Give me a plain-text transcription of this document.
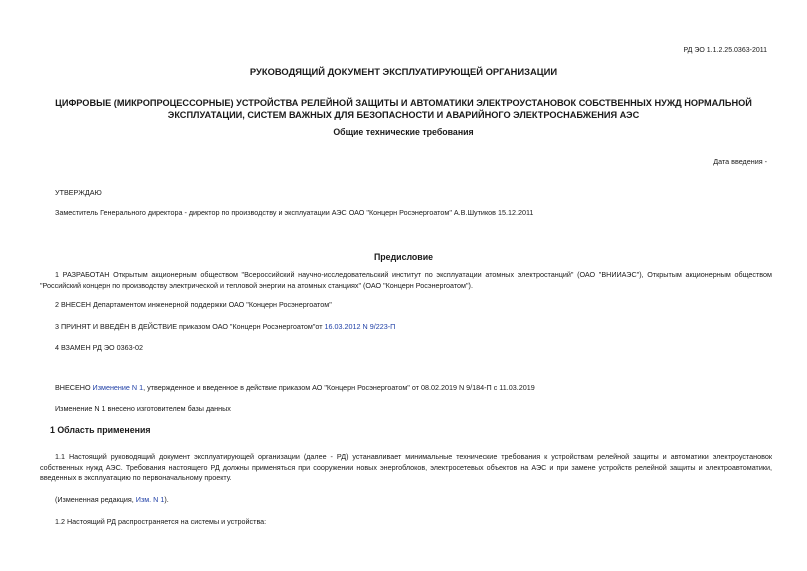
РД ЭО 1.1.2.25.0363-2011
РУКОВОДЯЩИЙ ДОКУМЕНТ ЭКСПЛУАТИРУЮЩЕЙ ОРГАНИЗАЦИИ
ЦИФРОВЫЕ (МИКРОПРОЦЕССОРНЫЕ) УСТРОЙСТВА РЕЛЕЙНОЙ ЗАЩИТЫ И АВТОМАТИКИ ЭЛЕКТРОУСТАНОВОК СОБСТВЕННЫХ НУЖД НОРМАЛЬНОЙ ЭКСПЛУАТАЦИИ, СИСТЕМ ВАЖНЫХ ДЛЯ БЕЗОПАСНОСТИ И АВАРИЙНОГО ЭЛЕКТРОСНАБЖЕНИЯ АЭС
Общие технические требования
Дата введения -
УТВЕРЖДАЮ
Заместитель Генерального директора - директор по производству и эксплуатации АЭС ОАО "Концерн Росэнергоатом" А.В.Шутиков 15.12.2011
Предисловие
1 РАЗРАБОТАН Открытым акционерным обществом "Всероссийский научно-исследовательский институт по эксплуатации атомных электростанций" (ОАО "ВНИИАЭС"), Открытым акционерным обществом "Российский концерн по производству электрической и тепловой энергии на атомных станциях" (ОАО "Концерн Росэнергоатом").
2 ВНЕСЕН Департаментом инженерной поддержки ОАО "Концерн Росэнергоатом"
3 ПРИНЯТ И ВВЕДЁН В ДЕЙСТВИЕ приказом ОАО "Концерн Росэнергоатом"от 16.03.2012 N 9/223-П
4 ВЗАМЕН РД ЭО 0363-02
ВНЕСЕНО Изменение N 1, утвержденное и введенное в действие приказом АО "Концерн Росэнергоатом" от 08.02.2019 N 9/184-П с 11.03.2019
Изменение N 1 внесено изготовителем базы данных
1 Область применения
1.1 Настоящий руководящий документ эксплуатирующей организации (далее - РД) устанавливает минимальные технические требования к устройствам релейной защиты и автоматики электроустановок собственных нужд АЭС. Требования настоящего РД должны применяться при сооружении новых энергоблоков, электросетевых объектов на АЭС и при замене устройств релейной защиты и электроавтоматики, введенных в эксплуатацию по первоначальному проекту.
(Измененная редакция, Изм. N 1).
1.2 Настоящий РД распространяется на системы и устройства:
